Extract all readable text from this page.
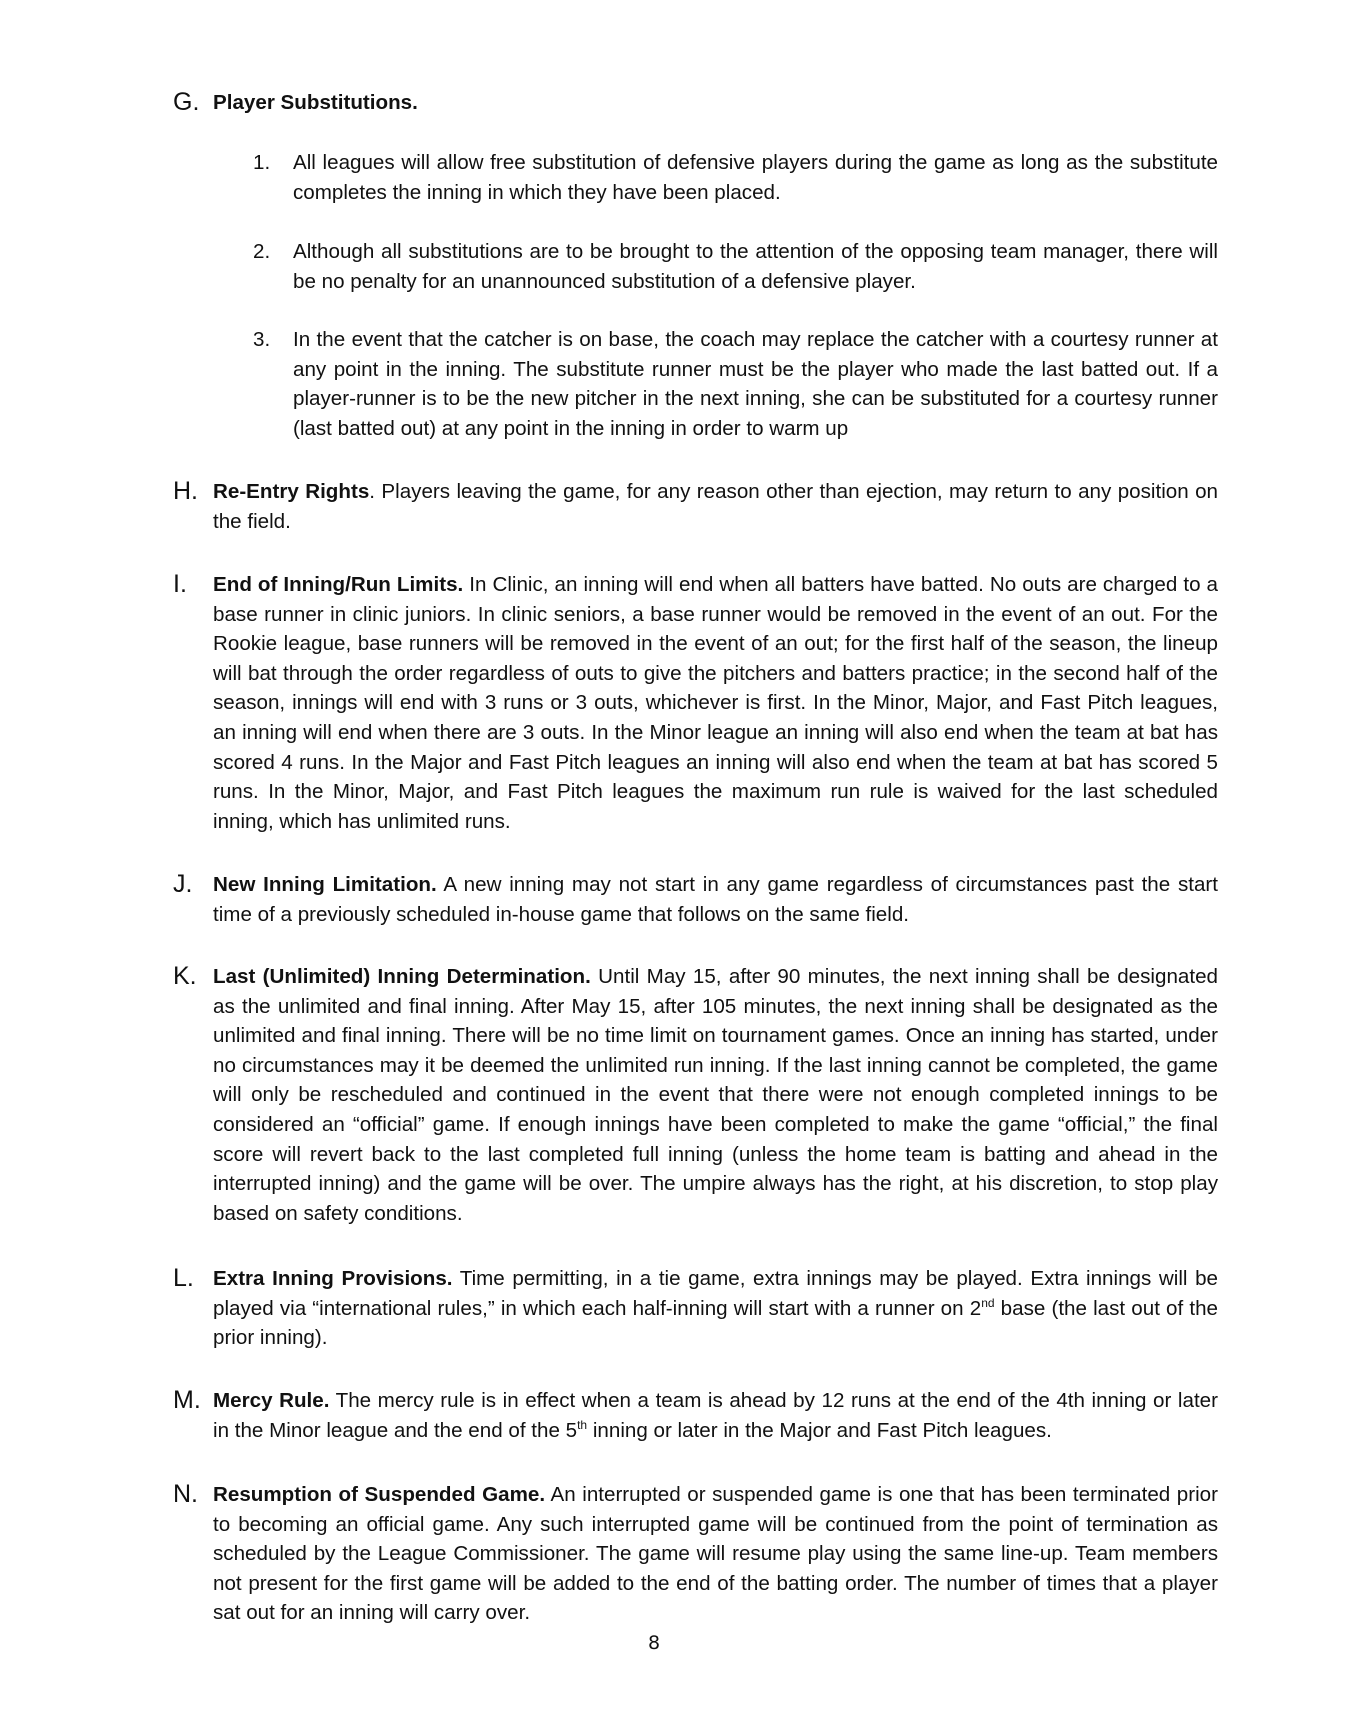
G. Player Substitutions.
1. All leagues will allow free substitution of defensive players during the game as long as the substitute completes the inning in which they have been placed.
2. Although all substitutions are to be brought to the attention of the opposing team manager, there will be no penalty for an unannounced substitution of a defensive player.
3. In the event that the catcher is on base, the coach may replace the catcher with a courtesy runner at any point in the inning. The substitute runner must be the player who made the last batted out. If a player-runner is to be the new pitcher in the next inning, she can be substituted for a courtesy runner (last batted out) at any point in the inning in order to warm up
H. Re-Entry Rights. Players leaving the game, for any reason other than ejection, may return to any position on the field.
I. End of Inning/Run Limits. In Clinic, an inning will end when all batters have batted. No outs are charged to a base runner in clinic juniors. In clinic seniors, a base runner would be removed in the event of an out. For the Rookie league, base runners will be removed in the event of an out; for the first half of the season, the lineup will bat through the order regardless of outs to give the pitchers and batters practice; in the second half of the season, innings will end with 3 runs or 3 outs, whichever is first. In the Minor, Major, and Fast Pitch leagues, an inning will end when there are 3 outs. In the Minor league an inning will also end when the team at bat has scored 4 runs. In the Major and Fast Pitch leagues an inning will also end when the team at bat has scored 5 runs. In the Minor, Major, and Fast Pitch leagues the maximum run rule is waived for the last scheduled inning, which has unlimited runs.
J. New Inning Limitation. A new inning may not start in any game regardless of circumstances past the start time of a previously scheduled in-house game that follows on the same field.
K. Last (Unlimited) Inning Determination. Until May 15, after 90 minutes, the next inning shall be designated as the unlimited and final inning. After May 15, after 105 minutes, the next inning shall be designated as the unlimited and final inning. There will be no time limit on tournament games. Once an inning has started, under no circumstances may it be deemed the unlimited run inning. If the last inning cannot be completed, the game will only be rescheduled and continued in the event that there were not enough completed innings to be considered an “official” game. If enough innings have been completed to make the game “official,” the final score will revert back to the last completed full inning (unless the home team is batting and ahead in the interrupted inning) and the game will be over. The umpire always has the right, at his discretion, to stop play based on safety conditions.
L. Extra Inning Provisions. Time permitting, in a tie game, extra innings may be played. Extra innings will be played via “international rules,” in which each half-inning will start with a runner on 2nd base (the last out of the prior inning).
M. Mercy Rule. The mercy rule is in effect when a team is ahead by 12 runs at the end of the 4th inning or later in the Minor league and the end of the 5th inning or later in the Major and Fast Pitch leagues.
N. Resumption of Suspended Game. An interrupted or suspended game is one that has been terminated prior to becoming an official game. Any such interrupted game will be continued from the point of termination as scheduled by the League Commissioner. The game will resume play using the same line-up. Team members not present for the first game will be added to the end of the batting order. The number of times that a player sat out for an inning will carry over.
8
